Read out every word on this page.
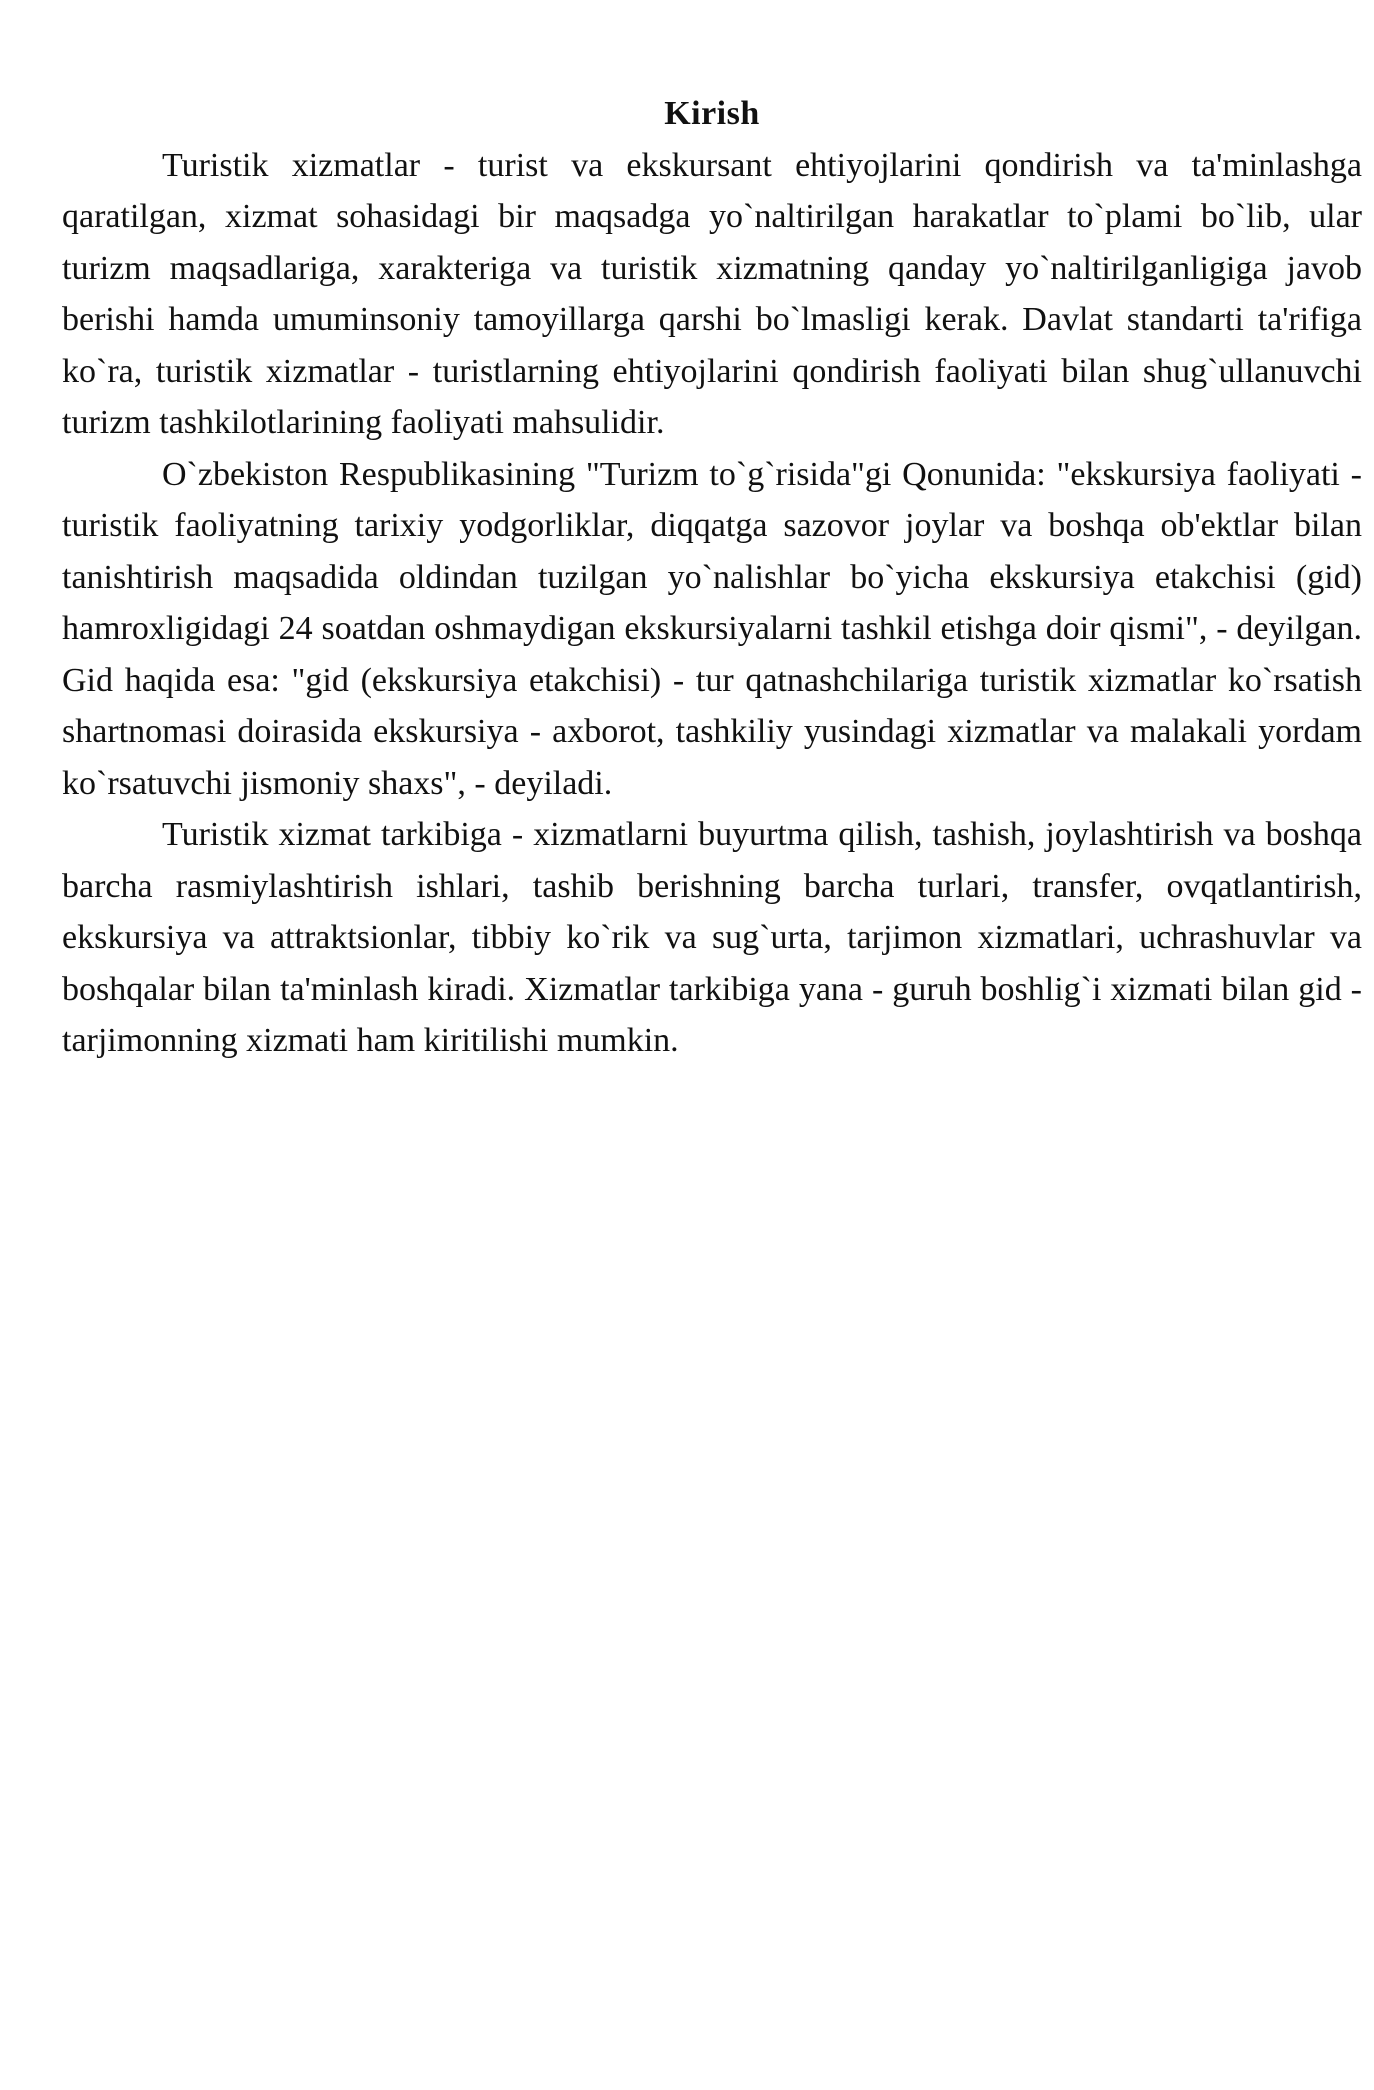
Kirish

Turistik xizmatlar - turist va ekskursant ehtiyojlarini qondirish va ta'minlashga qaratilgan, xizmat sohasidagi bir maqsadga yo`naltirilgan harakatlar to`plami bo`lib, ular turizm maqsadlariga, xarakteriga va turistik xizmatning qanday yo`naltirilganligiga javob berishi hamda umuminsoniy tamoyillarga qarshi bo`lmasligi kerak. Davlat standarti ta'rifiga ko`ra, turistik xizmatlar - turistlarning ehtiyojlarini qondirish faoliyati bilan shug`ullanuvchi turizm tashkilotlarining faoliyati mahsulidir.

O`zbekiston Respublikasining "Turizm to`g`risida"gi Qonunida: "ekskursiya faoliyati - turistik faoliyatning tarixiy yodgorliklar, diqqatga sazovor joylar va boshqa ob'ektlar bilan tanishtirish maqsadida oldindan tuzilgan yo`nalishlar bo`yicha ekskursiya etakchisi (gid) hamroxligidagi 24 soatdan oshmaydigan ekskursiyalarni tashkil etishga doir qismi", - deyilgan. Gid haqida esa: "gid (ekskursiya etakchisi) - tur qatnashchilariga turistik xizmatlar ko`rsatish shartnomasi doirasida ekskursiya - axborot, tashkiliy yusindagi xizmatlar va malakali yordam ko`rsatuvchi jismoniy shaxs", - deyiladi.

Turistik xizmat tarkibiga - xizmatlarni buyurtma qilish, tashish, joylashtirish va boshqa barcha rasmiylashtirish ishlari, tashib berishning barcha turlari, transfer, ovqatlantirish, ekskursiya va attraktsionlar, tibbiy ko`rik va sug`urta, tarjimon xizmatlari, uchrashuvlar va boshqalar bilan ta'minlash kiradi. Xizmatlar tarkibiga yana - guruh boshlig`i xizmati bilan gid - tarjimonning xizmati ham kiritilishi mumkin.
